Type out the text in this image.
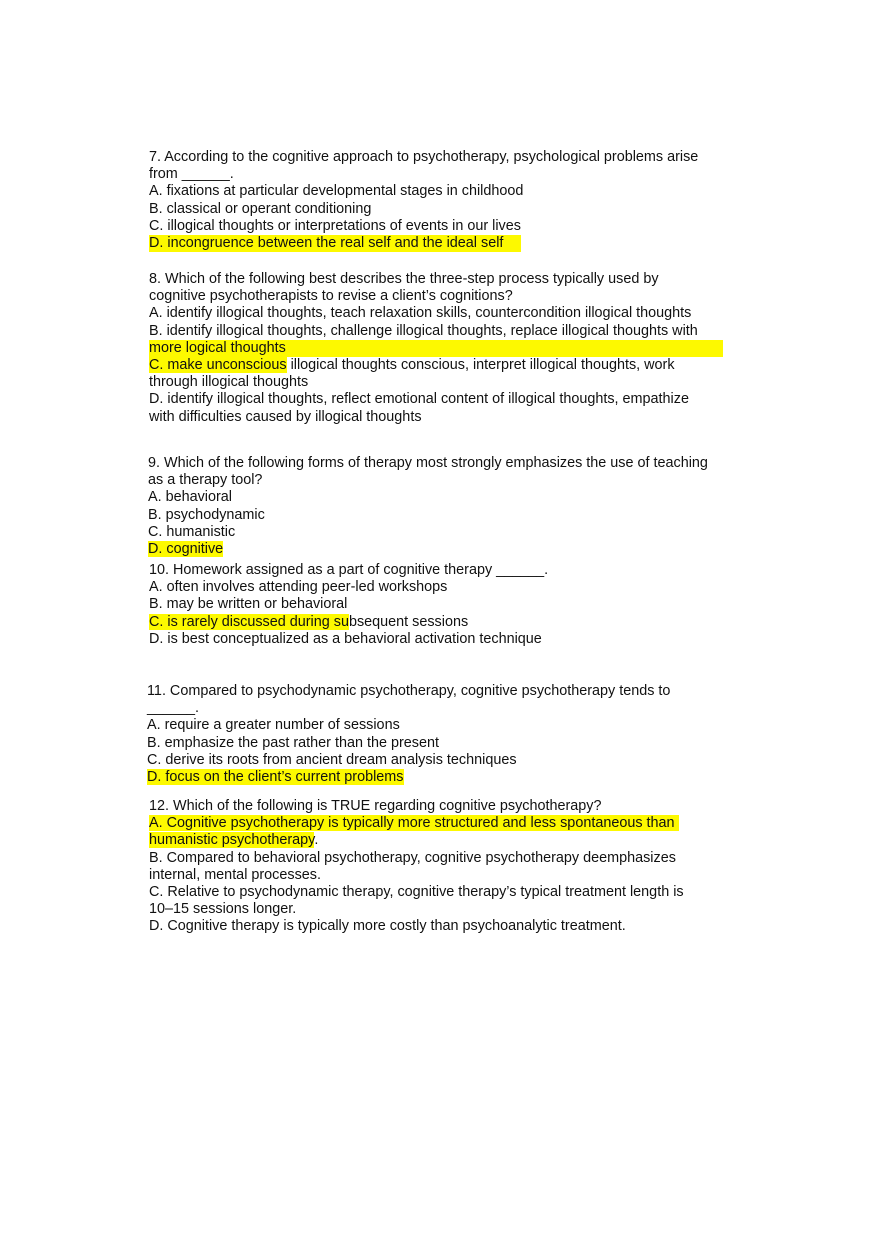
7. According to the cognitive approach to psychotherapy, psychological problems arise
from ______.
A. fixations at particular developmental stages in childhood
B. classical or operant conditioning
C. illogical thoughts or interpretations of events in our lives
D. incongruence between the real self and the ideal self
8. Which of the following best describes the three-step process typically used by
cognitive psychotherapists to revise a client’s cognitions?
A. identify illogical thoughts, teach relaxation skills, countercondition illogical thoughts
B. identify illogical thoughts, challenge illogical thoughts, replace illogical thoughts with
more logical thoughts
C. make unconscious illogical thoughts conscious, interpret illogical thoughts, work
through illogical thoughts
D. identify illogical thoughts, reflect emotional content of illogical thoughts, empathize
with difficulties caused by illogical thoughts
9. Which of the following forms of therapy most strongly emphasizes the use of teaching
as a therapy tool?
A. behavioral
B. psychodynamic
C. humanistic
D. cognitive
10. Homework assigned as a part of cognitive therapy ______.
A. often involves attending peer-led workshops
B. may be written or behavioral
C. is rarely discussed during subsequent sessions
D. is best conceptualized as a behavioral activation technique
11. Compared to psychodynamic psychotherapy, cognitive psychotherapy tends to
______.
A. require a greater number of sessions
B. emphasize the past rather than the present
C. derive its roots from ancient dream analysis techniques
D. focus on the client’s current problems
12. Which of the following is TRUE regarding cognitive psychotherapy?
A. Cognitive psychotherapy is typically more structured and less spontaneous than
humanistic psychotherapy.
B. Compared to behavioral psychotherapy, cognitive psychotherapy deemphasizes
internal, mental processes.
C. Relative to psychodynamic therapy, cognitive therapy’s typical treatment length is
10–15 sessions longer.
D. Cognitive therapy is typically more costly than psychoanalytic treatment.
